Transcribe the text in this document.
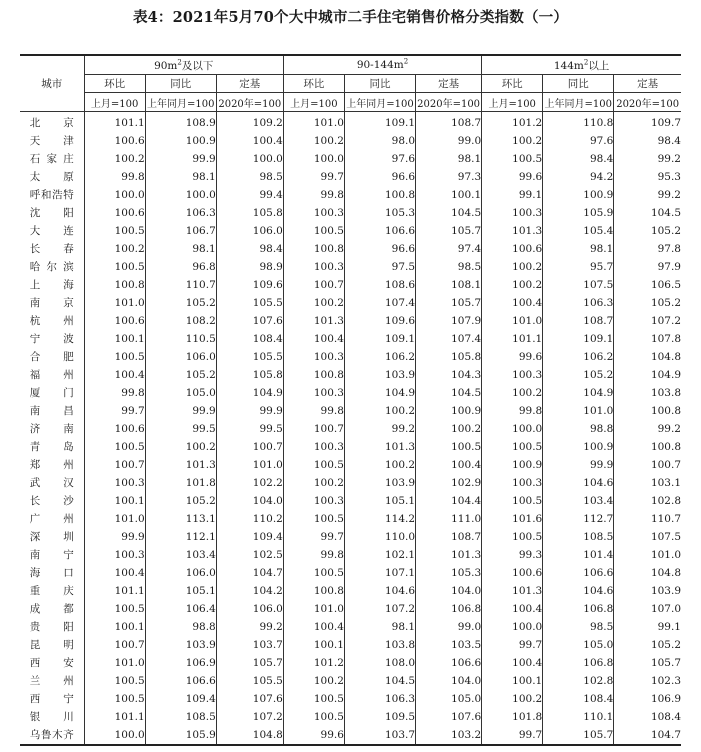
表4：2021年5月70个大中城市二手住宅销售价格分类指数（一）
城市	$90m^2$及以下			$90-144m^2$			$144m^2$以上		
	环比	同比	定基	环比	同比	定基	环比	同比	定基
	上月=100	上年同月=100	2020年=100	上月=100	上年同月=100	2020年=100	上月=100	上年同月=100	2020年=100
北　京	101.1	108.9	109.2	101.0	109.1	108.7	101.2	110.8	109.7
天　津	100.6	100.9	100.4	100.2	98.0	99.0	100.2	97.6	98.4
石家庄	100.2	99.9	100.0	100.0	97.6	98.1	100.5	98.4	99.2
太　原	99.8	98.1	98.5	99.7	96.6	97.3	99.6	94.2	95.3
呼和浩特	100.0	100.0	99.4	99.8	100.8	100.1	99.1	100.9	99.2
沈　阳	100.6	106.3	105.8	100.3	105.3	104.5	100.3	105.9	104.5
大　连	100.5	106.7	106.0	100.5	106.6	105.7	101.3	105.4	105.2
长　春	100.2	98.1	98.4	100.8	96.6	97.4	100.6	98.1	97.8
哈尔滨	100.5	96.8	98.9	100.3	97.5	98.5	100.2	95.7	97.9
上　海	100.8	110.7	109.6	100.7	108.6	108.1	100.2	107.5	106.5
南　京	101.0	105.2	105.5	100.2	107.4	105.7	100.4	106.3	105.2
杭　州	100.6	108.2	107.6	101.3	109.6	107.9	101.0	108.7	107.2
宁　波	100.1	110.5	108.4	100.4	109.1	107.4	101.1	109.1	107.8
合　肥	100.5	106.0	105.5	100.3	106.2	105.8	99.6	106.2	104.8
福　州	100.4	105.2	105.8	100.8	103.9	104.3	100.3	105.2	104.9
厦　门	99.8	105.0	104.9	100.3	104.9	104.5	100.2	104.9	103.8
南　昌	99.7	99.9	99.9	99.8	100.2	100.9	99.8	101.0	100.8
济　南	100.6	99.5	99.5	100.7	99.2	100.2	100.0	98.8	99.2
青　岛	100.5	100.2	100.7	100.3	101.3	100.5	100.5	100.9	100.8
郑　州	100.7	101.3	101.0	100.5	100.2	100.4	100.9	99.9	100.7
武　汉	100.3	101.8	102.2	100.2	103.9	102.9	100.3	104.6	103.1
长　沙	100.1	105.2	104.0	100.3	105.1	104.4	100.5	103.4	102.8
广　州	101.0	113.1	110.2	100.5	114.2	111.0	101.6	112.7	110.7
深　圳	99.9	112.1	109.4	99.7	110.0	108.7	100.5	108.5	107.5
南　宁	100.3	103.4	102.5	99.8	102.1	101.3	99.3	101.4	101.0
海　口	100.4	106.0	104.7	100.5	107.1	105.3	100.6	106.6	104.8
重　庆	101.1	105.1	104.2	100.8	104.6	104.0	101.3	104.6	103.9
成　都	100.5	106.4	106.0	101.0	107.2	106.8	100.4	106.8	107.0
贵　阳	100.1	98.8	99.2	100.4	98.1	99.0	100.0	98.5	99.1
昆　明	100.7	103.9	103.7	100.1	103.8	103.5	99.7	105.0	105.2
西　安	101.0	106.9	105.7	101.2	108.0	106.6	100.4	106.8	105.7
兰　州	100.5	106.6	105.5	100.2	104.5	104.0	100.1	102.8	102.3
西　宁	100.5	109.4	107.6	100.5	106.3	105.0	100.2	108.4	106.9
银　川	101.1	108.5	107.2	100.5	109.5	107.6	101.8	110.1	108.4
乌鲁木齐	100.0	105.9	104.8	99.6	103.7	103.2	99.7	105.7	104.7
